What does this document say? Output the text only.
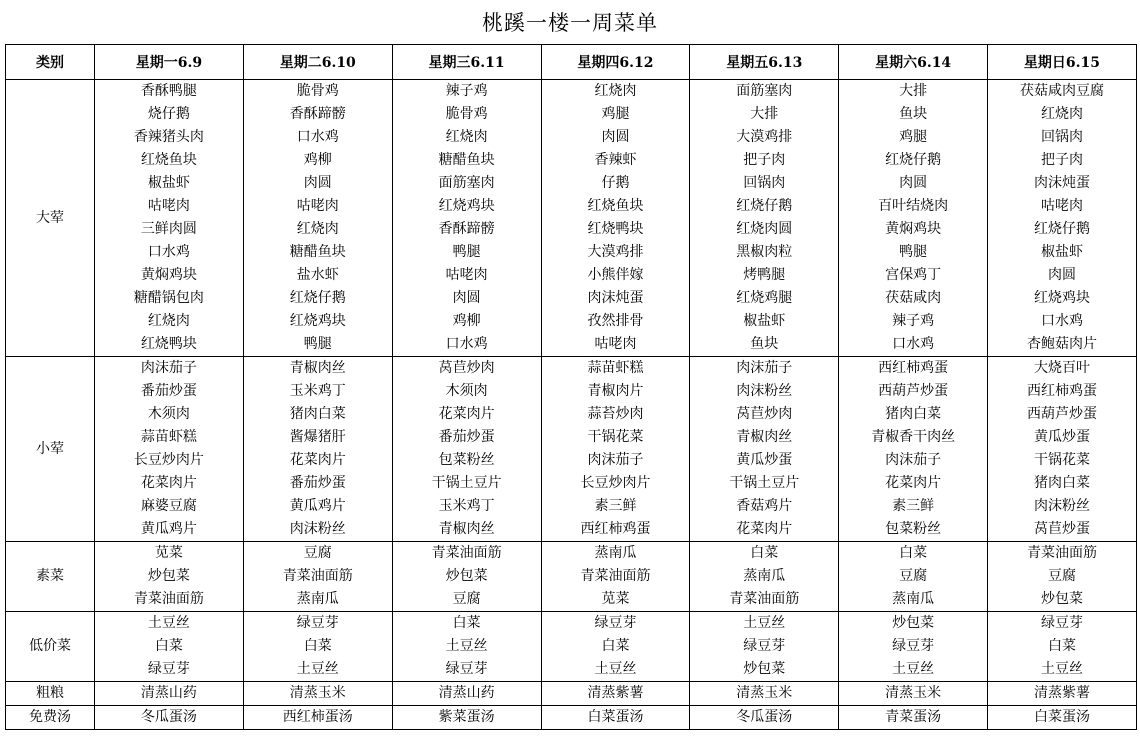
桃蹊一楼一周菜单
类别	星期一6.9	星期二6.10	星期三6.11	星期四6.12	星期五6.13	星期六6.14	星期日6.15
大荤	香酥鸭腿	脆骨鸡	辣子鸡	红烧肉	面筋塞肉	大排	茯菇咸肉豆腐
	烧仔鹅	香酥蹄髈	脆骨鸡	鸡腿	大排	鱼块	红烧肉
	香辣猪头肉	口水鸡	红烧肉	肉圆	大漠鸡排	鸡腿	回锅肉
	红烧鱼块	鸡柳	糖醋鱼块	香辣虾	把子肉	红烧仔鹅	把子肉
	椒盐虾	肉圆	面筋塞肉	仔鹅	回锅肉	肉圆	肉沫炖蛋
	咕咾肉	咕咾肉	红烧鸡块	红烧鱼块	红烧仔鹅	百叶结烧肉	咕咾肉
	三鲜肉圆	红烧肉	香酥蹄髈	红烧鸭块	红烧肉圆	黄焖鸡块	红烧仔鹅
	口水鸡	糖醋鱼块	鸭腿	大漠鸡排	黑椒肉粒	鸭腿	椒盐虾
	黄焖鸡块	盐水虾	咕咾肉	小熊伴嫁	烤鸭腿	宫保鸡丁	肉圆
	糖醋锅包肉	红烧仔鹅	肉圆	肉沫炖蛋	红烧鸡腿	茯菇咸肉	红烧鸡块
	红烧肉	红烧鸡块	鸡柳	孜然排骨	椒盐虾	辣子鸡	口水鸡
	红烧鸭块	鸭腿	口水鸡	咕咾肉	鱼块	口水鸡	杏鲍菇肉片
小荤	肉沫茄子	青椒肉丝	莴苣炒肉	蒜苗虾糕	肉沫茄子	西红柿鸡蛋	大烧百叶
	番茄炒蛋	玉米鸡丁	木须肉	青椒肉片	肉沫粉丝	西葫芦炒蛋	西红柿鸡蛋
	木须肉	猪肉白菜	花菜肉片	蒜苔炒肉	莴苣炒肉	猪肉白菜	西葫芦炒蛋
	蒜苗虾糕	酱爆猪肝	番茄炒蛋	干锅花菜	青椒肉丝	青椒香干肉丝	黄瓜炒蛋
	长豆炒肉片	花菜肉片	包菜粉丝	肉沫茄子	黄瓜炒蛋	肉沫茄子	干锅花菜
	花菜肉片	番茄炒蛋	干锅土豆片	长豆炒肉片	干锅土豆片	花菜肉片	猪肉白菜
	麻婆豆腐	黄瓜鸡片	玉米鸡丁	素三鲜	香菇鸡片	素三鲜	肉沫粉丝
	黄瓜鸡片	肉沫粉丝	青椒肉丝	西红柿鸡蛋	花菜肉片	包菜粉丝	莴苣炒蛋
素菜	苋菜	豆腐	青菜油面筋	蒸南瓜	白菜	白菜	青菜油面筋
	炒包菜	青菜油面筋	炒包菜	青菜油面筋	蒸南瓜	豆腐	豆腐
	青菜油面筋	蒸南瓜	豆腐	苋菜	青菜油面筋	蒸南瓜	炒包菜
低价菜	土豆丝	绿豆芽	白菜	绿豆芽	土豆丝	炒包菜	绿豆芽
	白菜	白菜	土豆丝	白菜	绿豆芽	绿豆芽	白菜
	绿豆芽	土豆丝	绿豆芽	土豆丝	炒包菜	土豆丝	土豆丝
粗粮	清蒸山药	清蒸玉米	清蒸山药	清蒸紫薯	清蒸玉米	清蒸玉米	清蒸紫薯
免费汤	冬瓜蛋汤	西红柿蛋汤	紫菜蛋汤	白菜蛋汤	冬瓜蛋汤	青菜蛋汤	白菜蛋汤
